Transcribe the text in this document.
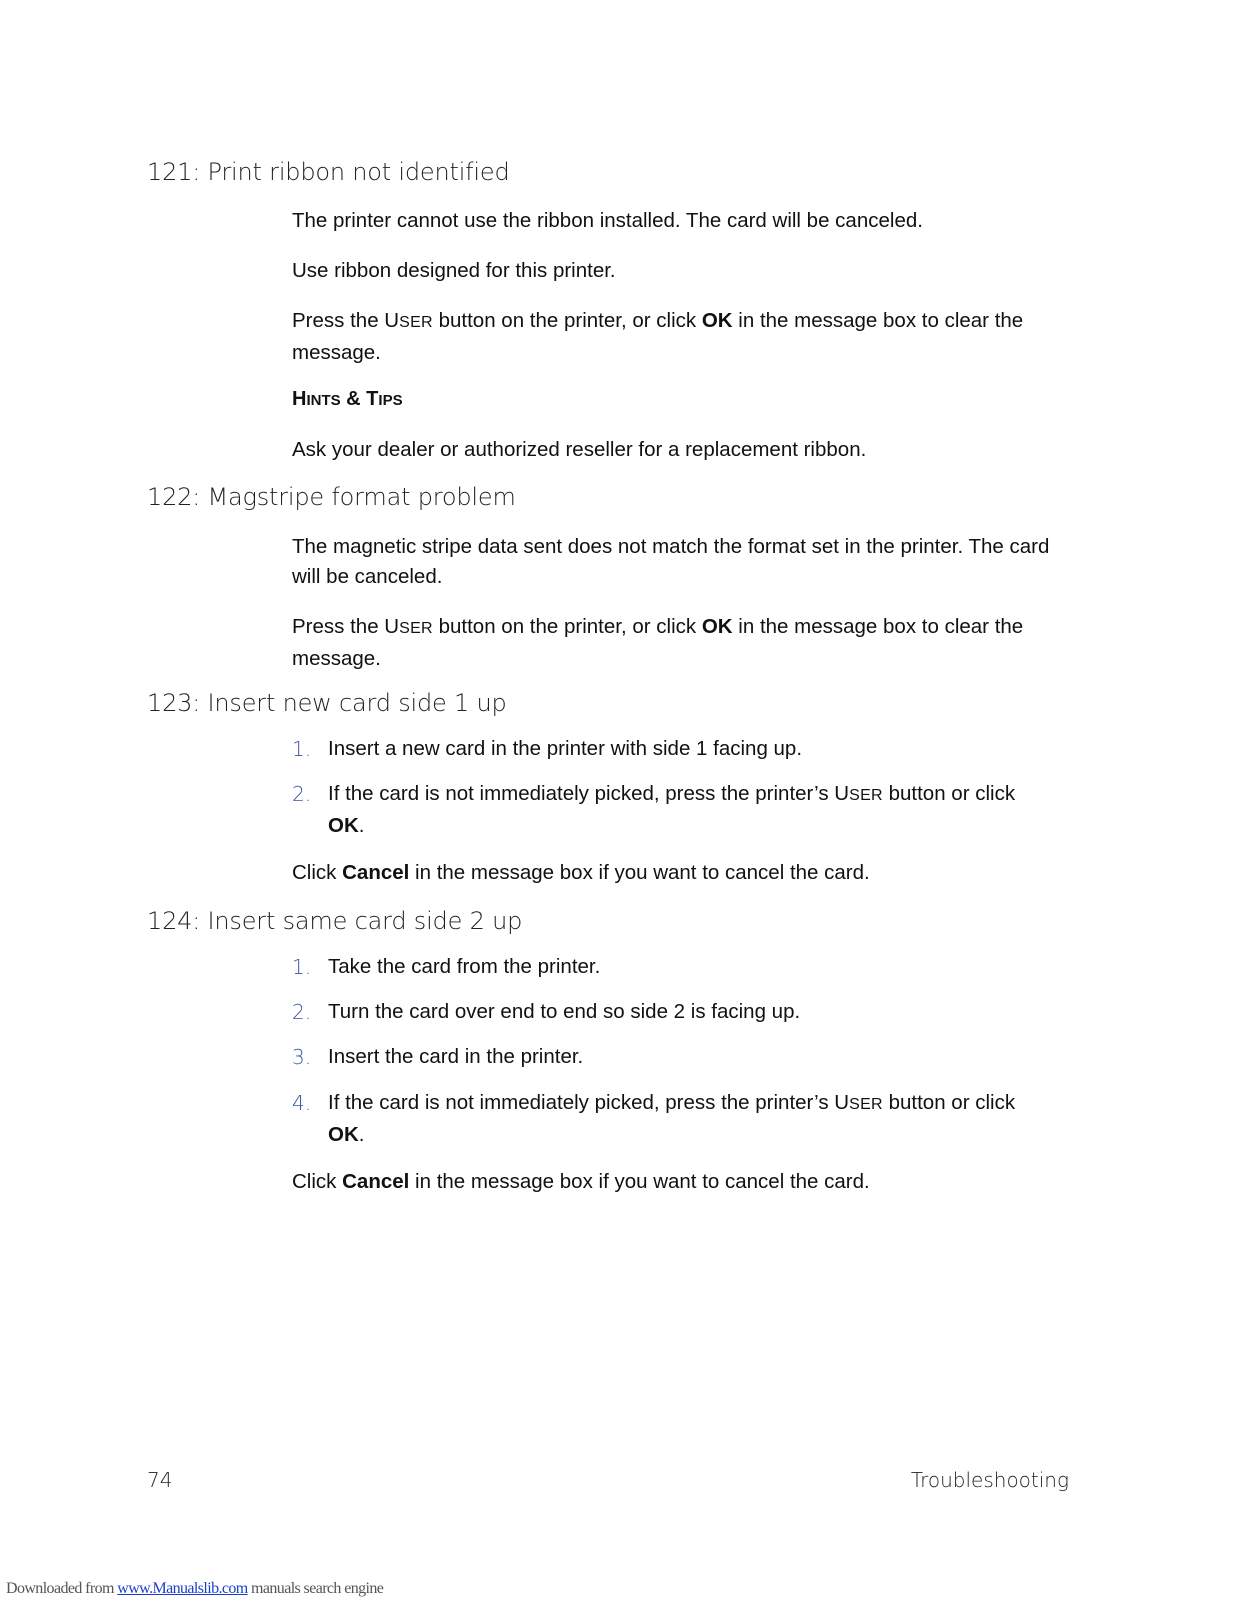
121: Print ribbon not identified

The printer cannot use the ribbon installed. The card will be canceled.

Use ribbon designed for this printer.

Press the USER button on the printer, or click OK in the message box to clear the message.

HINTS & TIPS

Ask your dealer or authorized reseller for a replacement ribbon.

122: Magstripe format problem

The magnetic stripe data sent does not match the format set in the printer. The card will be canceled.

Press the USER button on the printer, or click OK in the message box to clear the message.

123: Insert new card side 1 up
1. Insert a new card in the printer with side 1 facing up.
2. If the card is not immediately picked, press the printer’s USER button or click OK.

Click Cancel in the message box if you want to cancel the card.

124: Insert same card side 2 up
1. Take the card from the printer.
2. Turn the card over end to end so side 2 is facing up.
3. Insert the card in the printer.
4. If the card is not immediately picked, press the printer’s USER button or click OK.

Click Cancel in the message box if you want to cancel the card.

74	Troubleshooting
Downloaded from www.Manualslib.com manuals search engine
